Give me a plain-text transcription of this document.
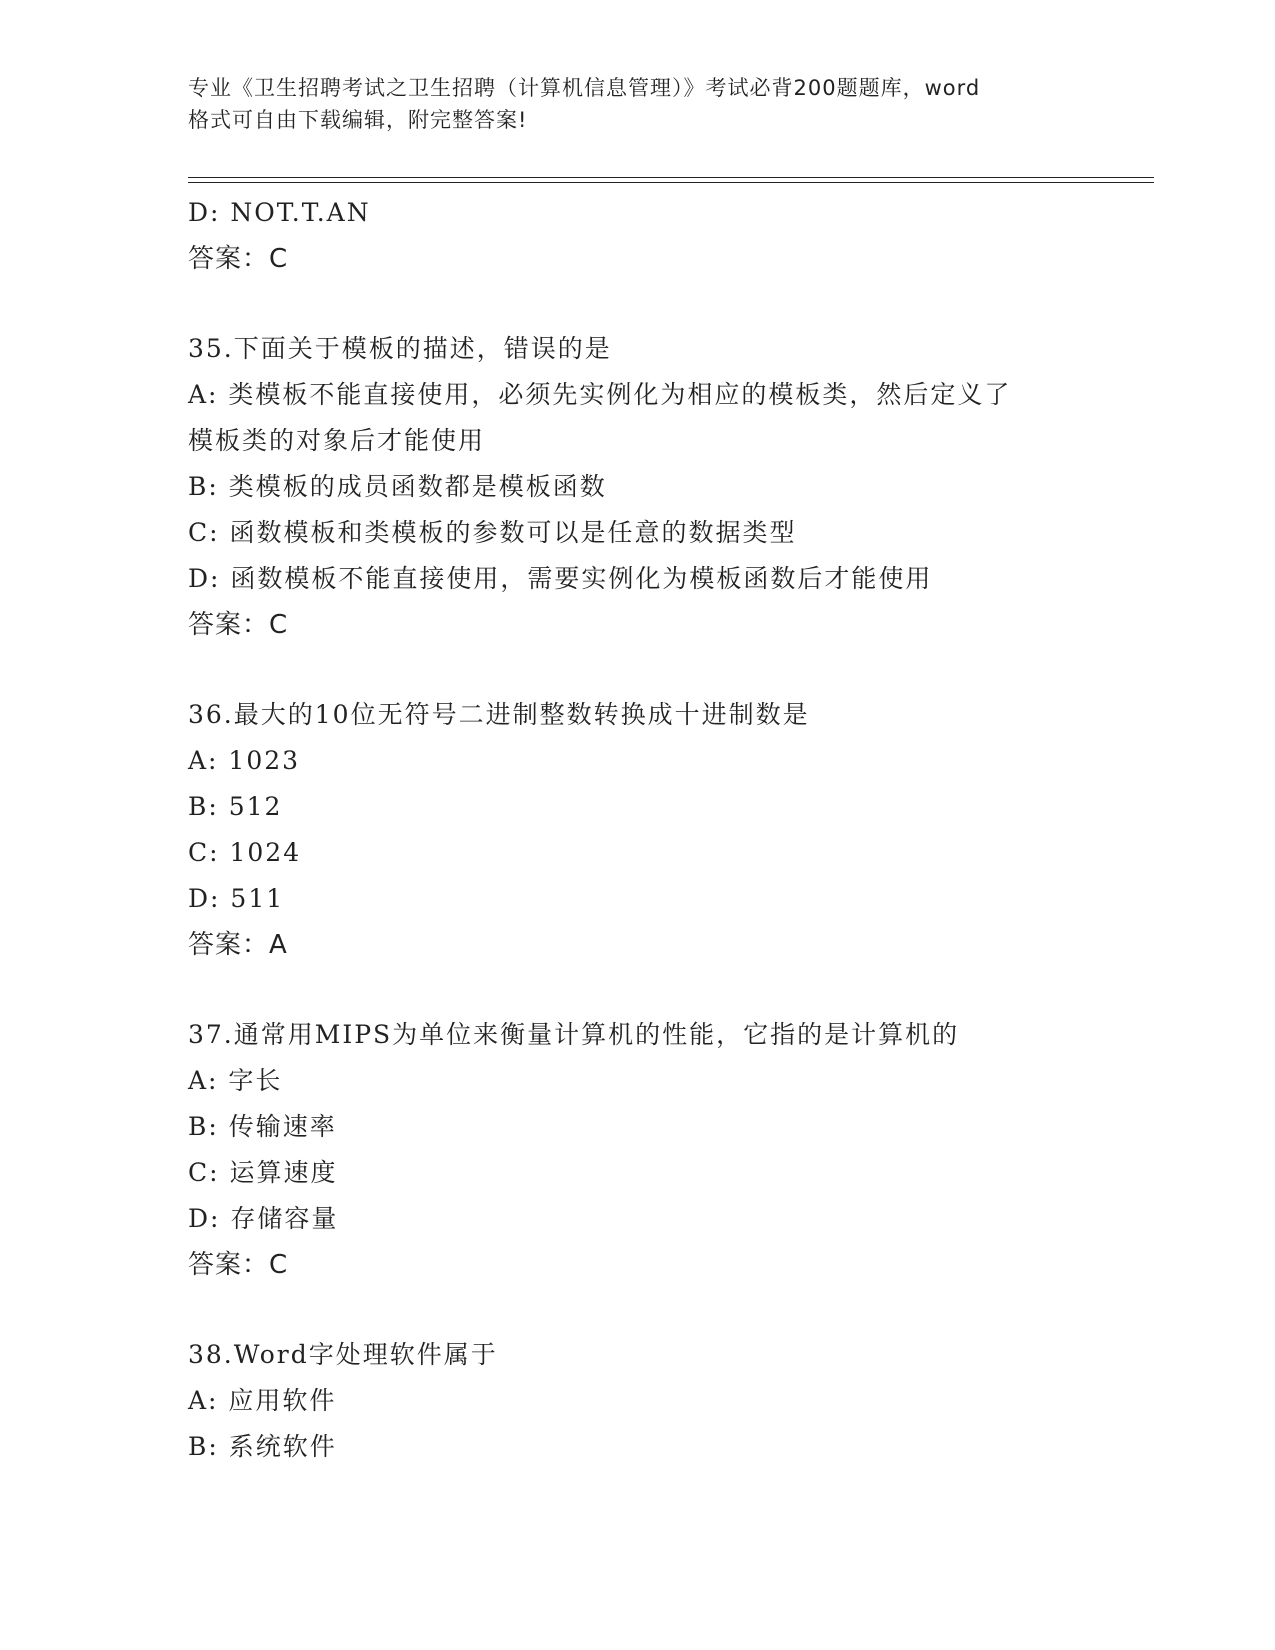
专业《卫生招聘考试之卫生招聘（计算机信息管理）》考试必背200题题库，word
格式可自由下载编辑，附完整答案!
D: NOT.T.AN
答案：C
35.下面关于模板的描述，错误的是
A: 类模板不能直接使用，必须先实例化为相应的模板类，然后定义了
模板类的对象后才能使用
B: 类模板的成员函数都是模板函数
C: 函数模板和类模板的参数可以是任意的数据类型
D: 函数模板不能直接使用，需要实例化为模板函数后才能使用
答案：C
36.最大的10位无符号二进制整数转换成十进制数是
A: 1023
B: 512
C: 1024
D: 511
答案：A
37.通常用MIPS为单位来衡量计算机的性能，它指的是计算机的
A: 字长
B: 传输速率
C: 运算速度
D: 存储容量
答案：C
38.Word字处理软件属于
A: 应用软件
B: 系统软件
